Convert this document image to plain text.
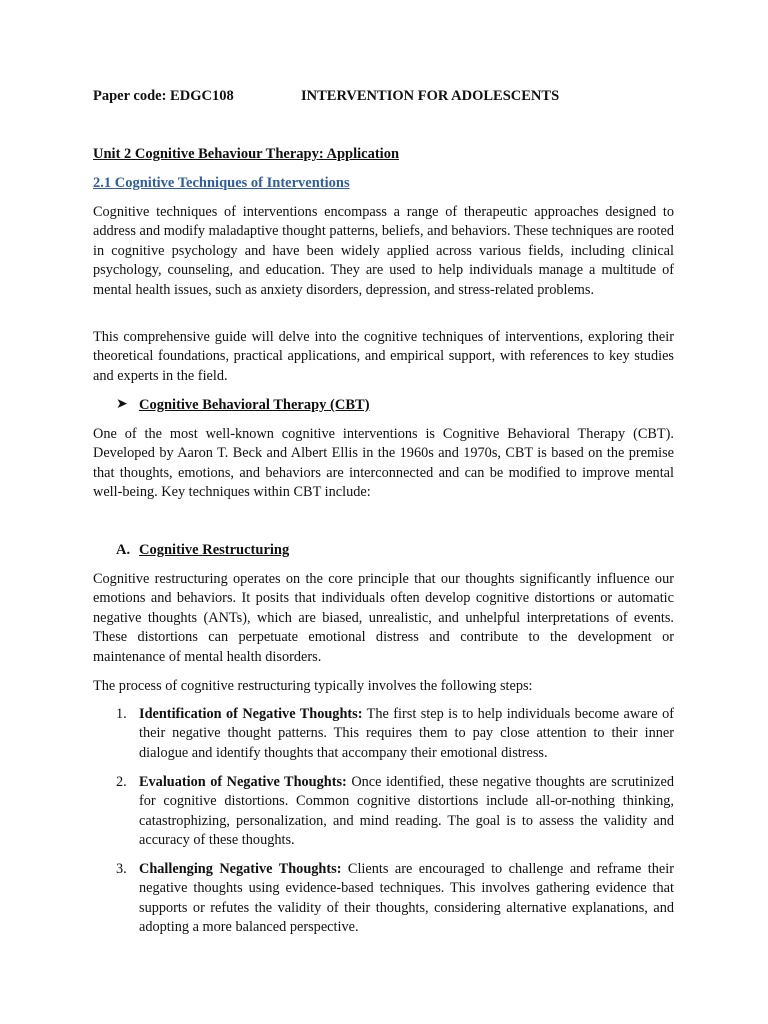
Paper code: EDGC108	INTERVENTION FOR ADOLESCENTS
Unit 2 Cognitive Behaviour Therapy: Application
2.1 Cognitive Techniques of Interventions

Cognitive techniques of interventions encompass a range of therapeutic approaches designed to address and modify maladaptive thought patterns, beliefs, and behaviors. These techniques are rooted in cognitive psychology and have been widely applied across various fields, including clinical psychology, counseling, and education. They are used to help individuals manage a multitude of mental health issues, such as anxiety disorders, depression, and stress-related problems.

This comprehensive guide will delve into the cognitive techniques of interventions, exploring their theoretical foundations, practical applications, and empirical support, with references to key studies and experts in the field.

➤ Cognitive Behavioral Therapy (CBT)

One of the most well-known cognitive interventions is Cognitive Behavioral Therapy (CBT). Developed by Aaron T. Beck and Albert Ellis in the 1960s and 1970s, CBT is based on the premise that thoughts, emotions, and behaviors are interconnected and can be modified to improve mental well-being. Key techniques within CBT include:

A. Cognitive Restructuring

Cognitive restructuring operates on the core principle that our thoughts significantly influence our emotions and behaviors. It posits that individuals often develop cognitive distortions or automatic negative thoughts (ANTs), which are biased, unrealistic, and unhelpful interpretations of events. These distortions can perpetuate emotional distress and contribute to the development or maintenance of mental health disorders.

The process of cognitive restructuring typically involves the following steps:

1. Identification of Negative Thoughts: The first step is to help individuals become aware of their negative thought patterns. This requires them to pay close attention to their inner dialogue and identify thoughts that accompany their emotional distress.

2. Evaluation of Negative Thoughts: Once identified, these negative thoughts are scrutinized for cognitive distortions. Common cognitive distortions include all-or-nothing thinking, catastrophizing, personalization, and mind reading. The goal is to assess the validity and accuracy of these thoughts.

3. Challenging Negative Thoughts: Clients are encouraged to challenge and reframe their negative thoughts using evidence-based techniques. This involves gathering evidence that supports or refutes the validity of their thoughts, considering alternative explanations, and adopting a more balanced perspective.
